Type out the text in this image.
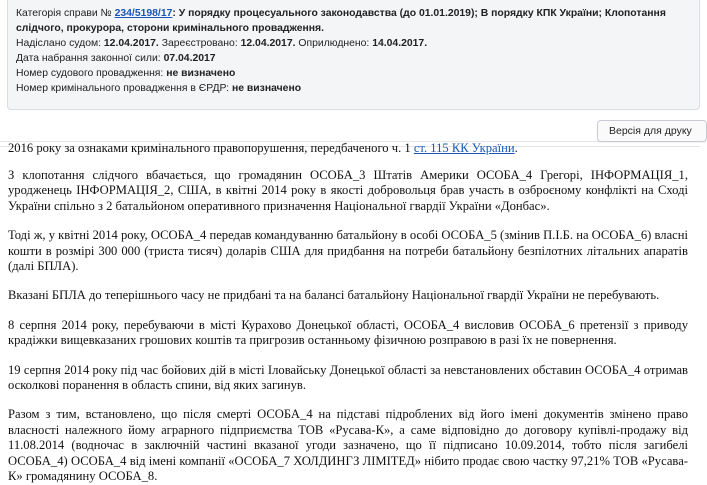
Категорія справи № 234/5198/17: У порядку процесуального законодавства (до 01.01.2019); В порядку КПК України; Клопотання слідчого, прокурора, сторони кримінального провадження.
Надіслано судом: 12.04.2017. Зареєстровано: 12.04.2017. Оприлюднено: 14.04.2017.
Дата набрання законної сили: 07.04.2017
Номер судового провадження: не визначено
Номер кримінального провадження в ЄРДР: не визначено
Версія для друку
2016 року за ознаками кримінального правопорушення, передбаченого ч. 1 ст. 115 КК України.

З клопотання слідчого вбачається, що громадянин ОСОБА_3 Штатів Америки ОСОБА_4 Грегорі, ІНФОРМАЦІЯ_1, уродженець ІНФОРМАЦІЯ_2, США, в квітні 2014 року в якості добровольця брав участь в озброєному конфлікті на Сході України спільно з 2 батальйоном оперативного призначення Національної гвардії України «Донбас».

Тоді ж, у квітні 2014 року, ОСОБА_4 передав командуванню батальйону в особі ОСОБА_5 (змінив П.І.Б. на ОСОБА_6) власні кошти в розмірі 300 000 (триста тисяч) доларів США для придбання на потреби батальйону безпілотних літальних апаратів (далі БПЛА).

Вказані БПЛА до теперішнього часу не придбані та на балансі батальйону Національної гвардії України не перебувають.

8 серпня 2014 року, перебуваючи в місті Курахово Донецької області, ОСОБА_4 висловив ОСОБА_6 претензії з приводу крадіжки вищевказаних грошових коштів та пригрозив останньому фізичною розправою в разі їх не повернення.

19 серпня 2014 року під час бойових дій в місті Іловайську Донецької області за невстановлених обставин ОСОБА_4 отримав осколкові поранення в область спини, від яких загинув.

Разом з тим, встановлено, що після смерті ОСОБА_4 на підставі підроблених від його імені документів змінено право власності належного йому аграрного підприємства ТОВ «Русава-К», а саме відповідно до договору купівлі-продажу від 11.08.2014 (водночас в заключній частині вказаної угоди зазначено, що її підписано 10.09.2014, тобто після загибелі ОСОБА_4) ОСОБА_4 від імені компанії «ОСОБА_7 ХОЛДИНГЗ ЛІМІТЕД» нібито продає свою частку 97,21% ТОВ «Русава-К» громадянину ОСОБА_8.
